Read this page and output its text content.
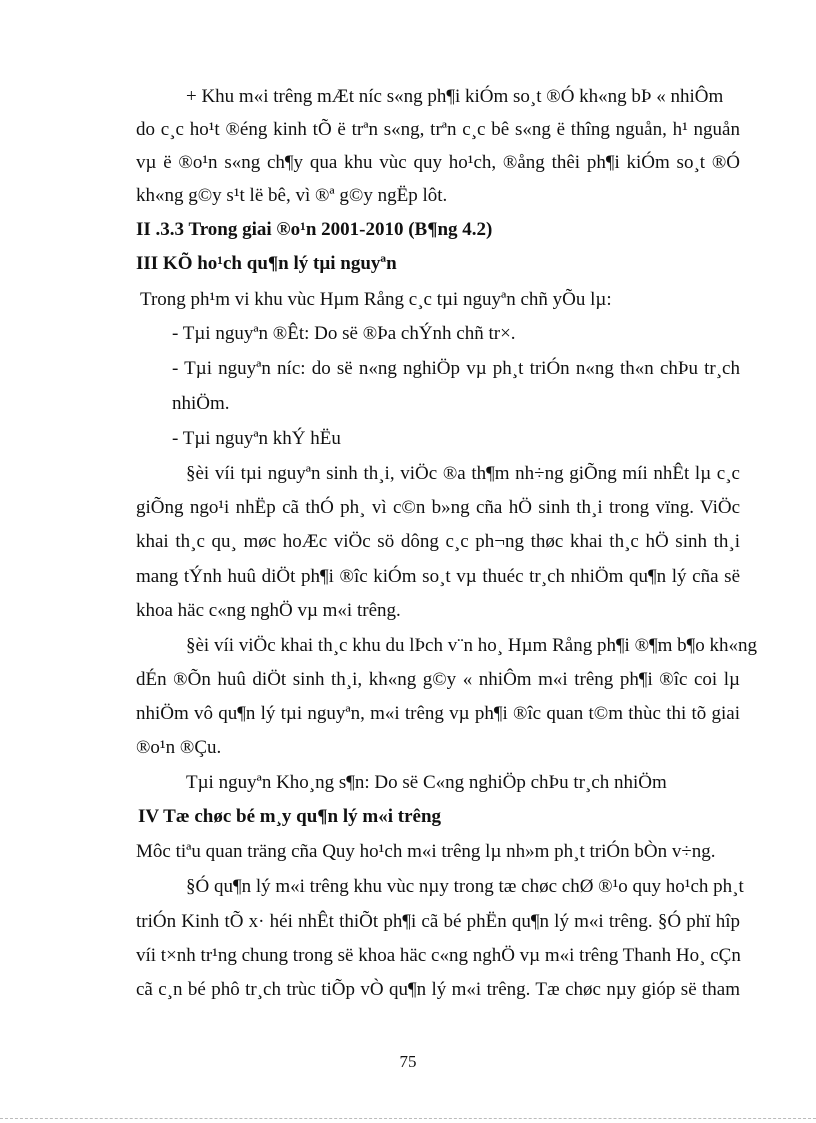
+ Khu m«i trêng mÆt níc s«ng ph¶i kiÓm so¸t ®Ó kh«ng bÞ « nhiÔm
do c¸c ho¹t ®éng kinh tÕ ë trªn s«ng, trªn c¸c bê s«ng ë thîng nguån, h¹ nguån
vµ ë ®o¹n s«ng ch¶y qua khu vùc quy ho¹ch, ®ång thêi ph¶i kiÓm so¸t ®Ó
kh«ng g©y s¹t lë bê, vì ®ª g©y ngËp lôt.
II .3.3 Trong giai ®o¹n 2001-2010 (B¶ng 4.2)
III KÕ ho¹ch qu¶n lý tµi nguyªn
Trong ph¹m vi khu vùc Hµm Rång c¸c tµi nguyªn chñ yÕu lµ:
- Tµi nguyªn ®Êt: Do së ®Þa chÝnh chñ tr×.
- Tµi nguyªn níc: do së n«ng nghiÖp vµ ph¸t triÓn n«ng th«n chÞu tr¸ch
nhiÖm.
- Tµi nguyªn khÝ hËu
§èi víi tµi nguyªn sinh th¸i, viÖc ®a th¶m nh÷ng giÕng míi nhÊt lµ c¸c
giÕng ngo¹i nhËp cã thÓ ph¸ vì c©n b»ng cña hÖ sinh th¸i trong vïng. ViÖc
khai th¸c qu¸ møc hoÆc viÖc sö dông c¸c ph¬ng thøc khai th¸c hÖ sinh th¸i
mang tÝnh huû diÖt ph¶i ®îc kiÓm so¸t vµ thuéc tr¸ch nhiÖm qu¶n lý cña së
khoa häc c«ng nghÖ vµ m«i trêng.
§èi víi viÖc khai th¸c khu du lÞch v¨n ho¸ Hµm Rång ph¶i ®¶m b¶o kh«ng
dÉn ®Õn huû diÖt sinh th¸i, kh«ng g©y « nhiÔm m«i trêng ph¶i ®îc coi lµ
nhiÖm vô qu¶n lý tµi nguyªn, m«i trêng vµ ph¶i ®îc quan t©m thùc thi tõ giai
®o¹n ®Çu.
Tµi nguyªn Kho¸ng s¶n: Do së C«ng nghiÖp chÞu tr¸ch nhiÖm
IV Tæ chøc bé m¸y qu¶n lý m«i trêng
Môc tiªu quan träng cña Quy ho¹ch m«i trêng lµ nh»m ph¸t triÓn bÒn v÷ng.
§Ó qu¶n lý m«i trêng khu vùc nµy trong tæ chøc chØ ®¹o quy ho¹ch ph¸t
triÓn Kinh tÕ x· héi nhÊt thiÕt ph¶i cã bé phËn qu¶n lý m«i trêng. §Ó phï hîp
víi t×nh tr¹ng chung trong së khoa häc c«ng nghÖ vµ m«i trêng Thanh Ho¸ cÇn
cã c¸n bé phô tr¸ch trùc tiÕp vÒ qu¶n lý m«i trêng. Tæ chøc nµy gióp së tham
75
